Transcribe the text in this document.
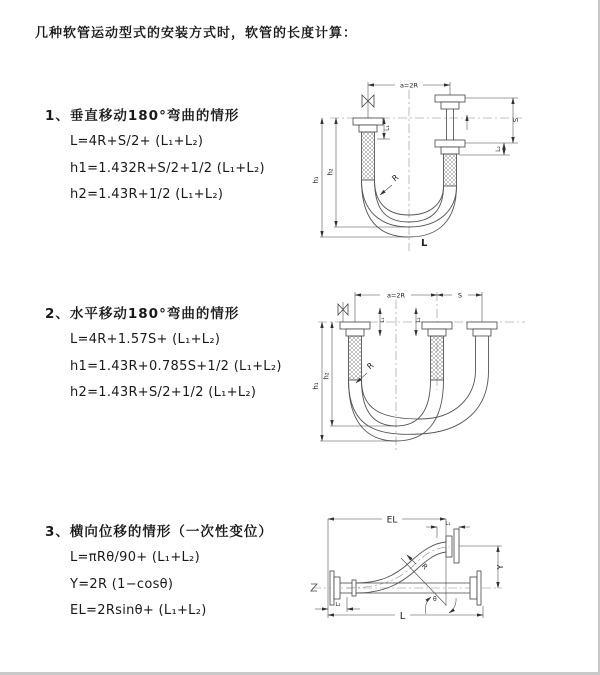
几种软管运动型式的安装方式时，软管的长度计算：
1、垂直移动180°弯曲的情形
L=4R+S/2+ (L₁+L₂)
h1=1.432R+S/2+1/2 (L₁+L₂)
h2=1.43R+1/2 (L₁+L₂)
2、水平移动180°弯曲的情形
L=4R+1.57S+ (L₁+L₂)
h1=1.43R+0.785S+1/2 (L₁+L₂)
h2=1.43R+S/2+1/2 (L₁+L₂)
3、横向位移的情形（一次性变位）
L=πRθ/90+ (L₁+L₂)
Y=2R (1−cosθ)
EL=2Rsinθ+ (L₁+L₂)
a=2R
h₁
h₂
L₁
S
L₂
R
L
a=2R	S
h₁
h₂
L₁	L₂
R
EL	L₁
Y
R
θ
L
L₂
